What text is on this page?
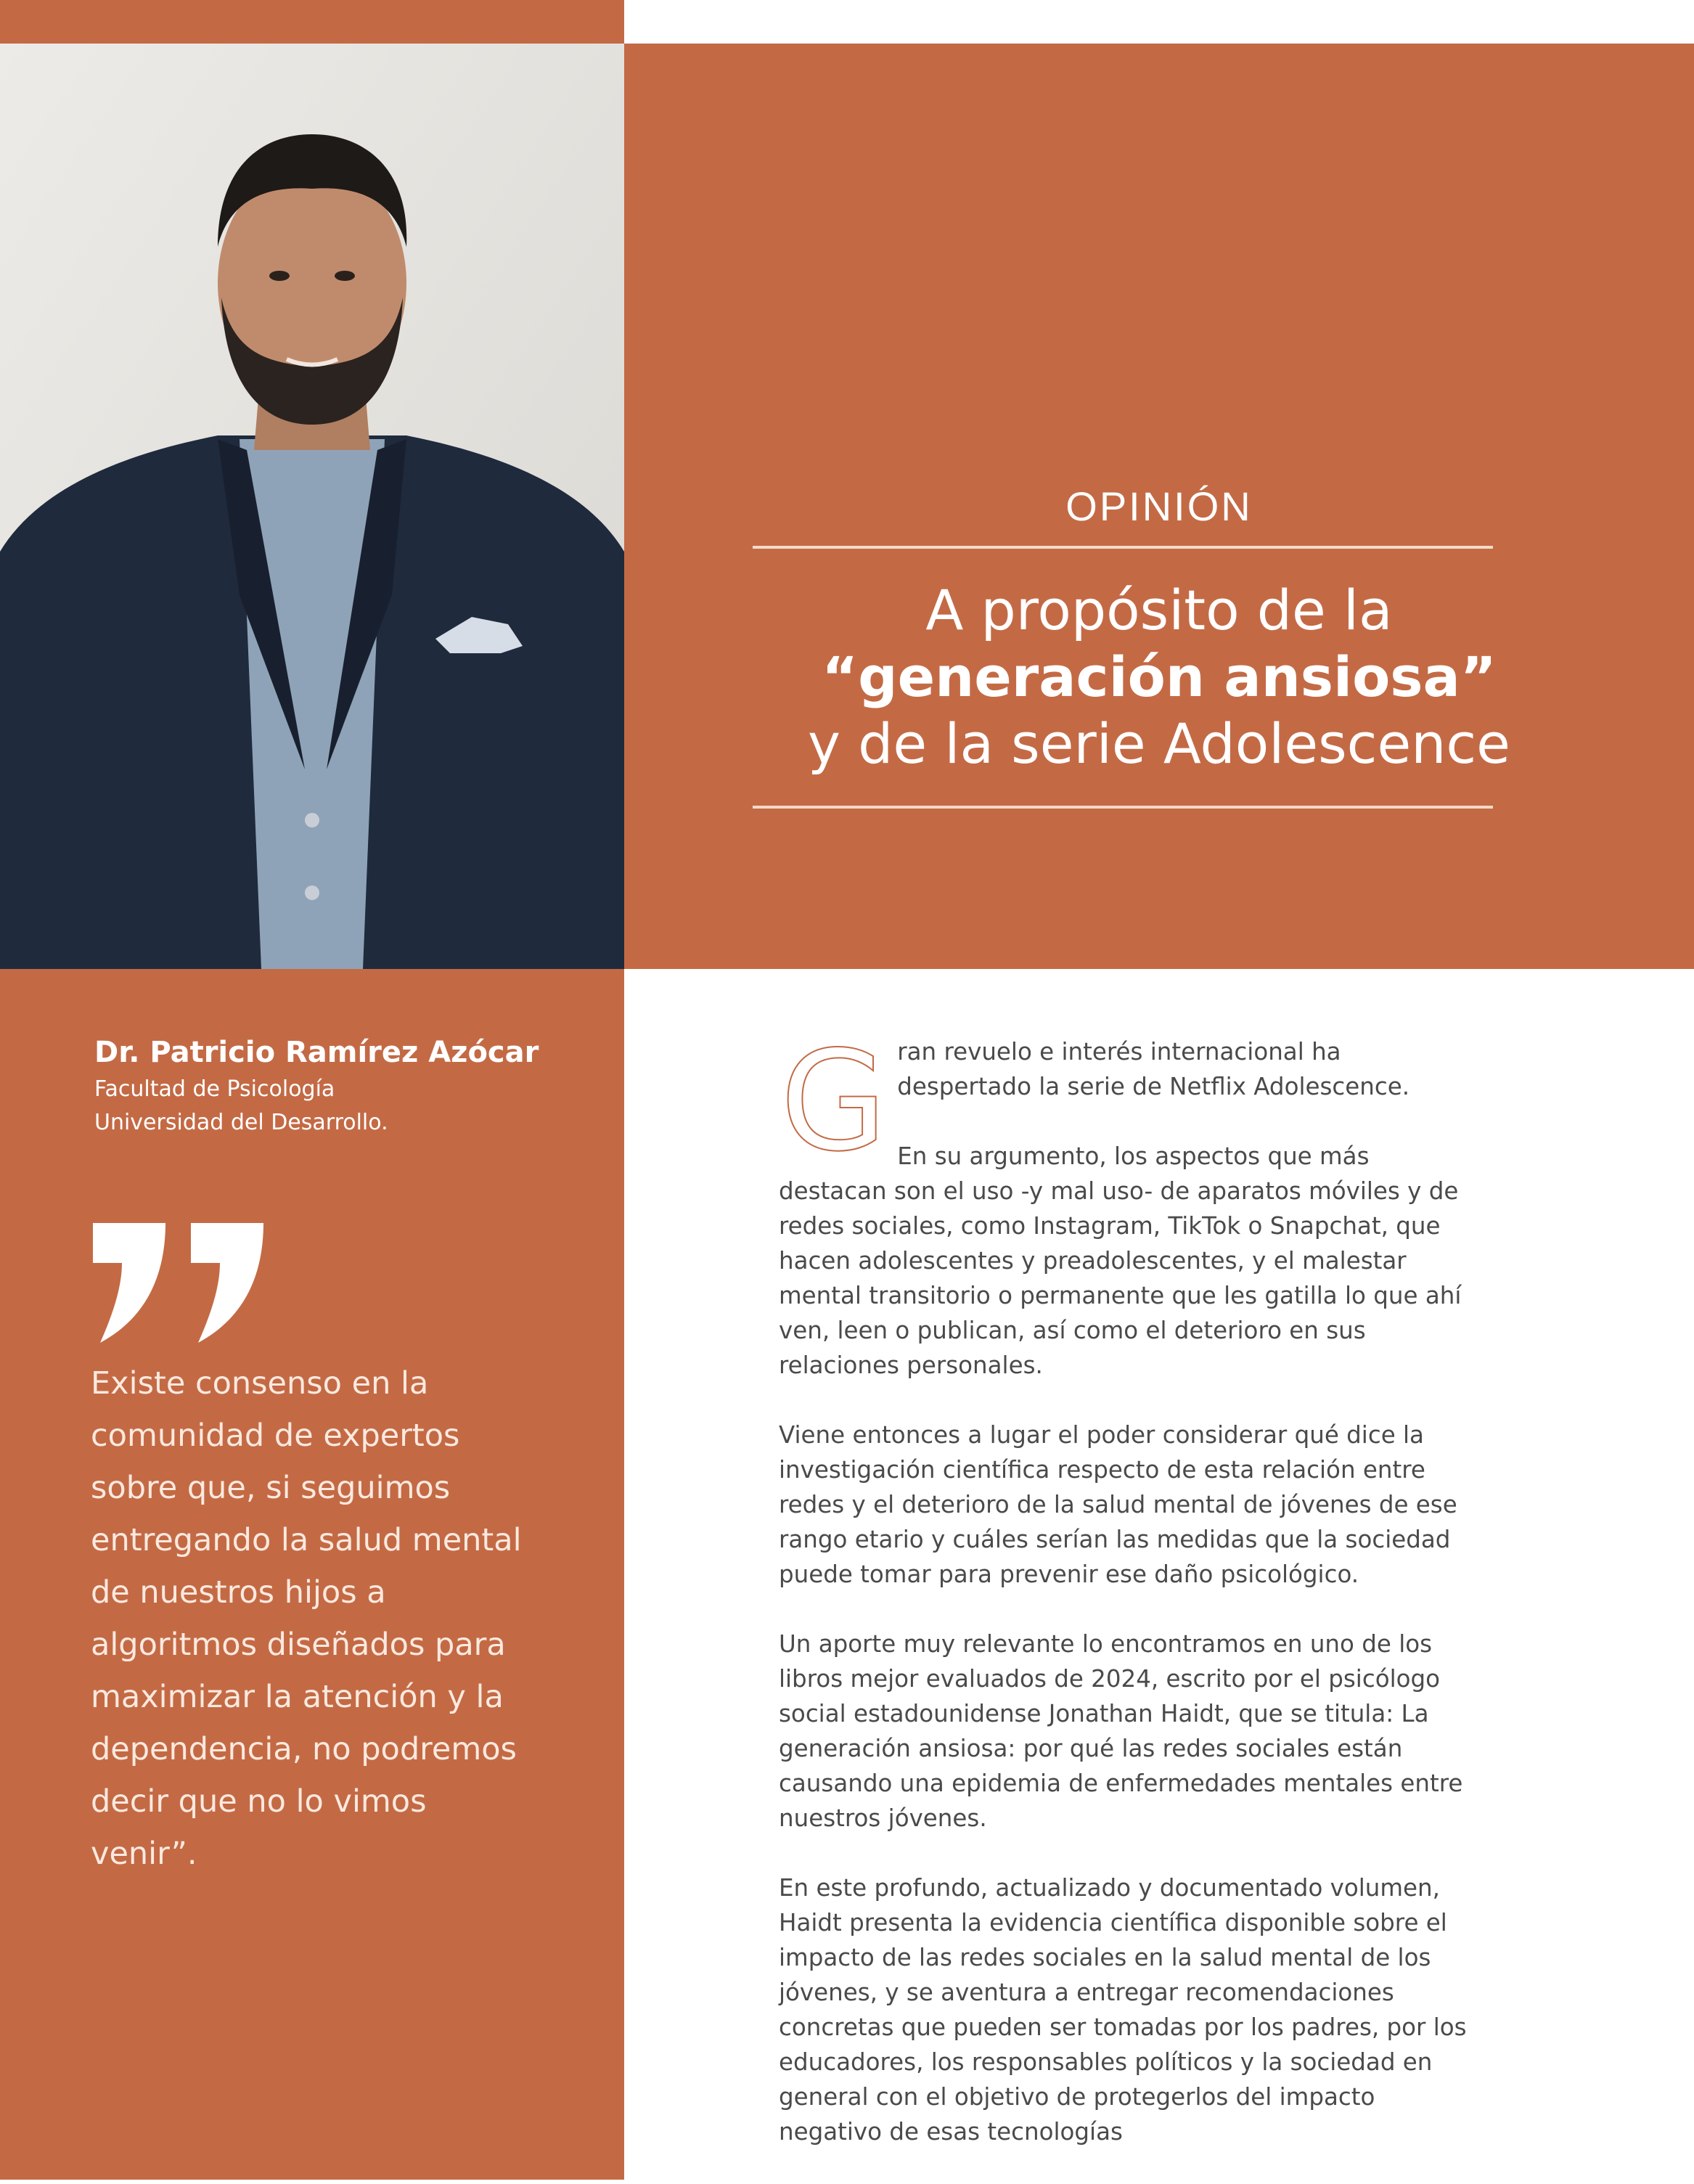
OPINIÓN
A propósito de la
“generación ansiosa”
y de la serie Adolescence
Dr. Patricio Ramírez Azócar
Facultad de Psicología
Universidad del Desarrollo.
Existe consenso en la comunidad de expertos sobre que, si seguimos entregando la salud mental de nuestros hijos a algoritmos diseñados para maximizar la atención y la dependencia, no podremos decir que no lo vimos venir”.

Gran revuelo e interés internacional ha despertado la serie de Netflix Adolescence.

En su argumento, los aspectos que más destacan son el uso -y mal uso- de aparatos móviles y de redes sociales, como Instagram, TikTok o Snapchat, que hacen adolescentes y preadolescentes, y el malestar mental transitorio o permanente que les gatilla lo que ahí ven, leen o publican, así como el deterioro en sus relaciones personales.

Viene entonces a lugar el poder considerar qué dice la investigación científica respecto de esta relación entre redes y el deterioro de la salud mental de jóvenes de ese rango etario y cuáles serían las medidas que la sociedad puede tomar para prevenir ese daño psicológico.

Un aporte muy relevante lo encontramos en uno de los libros mejor evaluados de 2024, escrito por el psicólogo social estadounidense Jonathan Haidt, que se titula: La generación ansiosa: por qué las redes sociales están causando una epidemia de enfermedades mentales entre nuestros jóvenes.

En este profundo, actualizado y documentado volumen, Haidt presenta la evidencia científica disponible sobre el impacto de las redes sociales en la salud mental de los jóvenes, y se aventura a entregar recomendaciones concretas que pueden ser tomadas por los padres, por los educadores, los responsables políticos y la sociedad en general con el objetivo de protegerlos del impacto negativo de esas tecnologías
